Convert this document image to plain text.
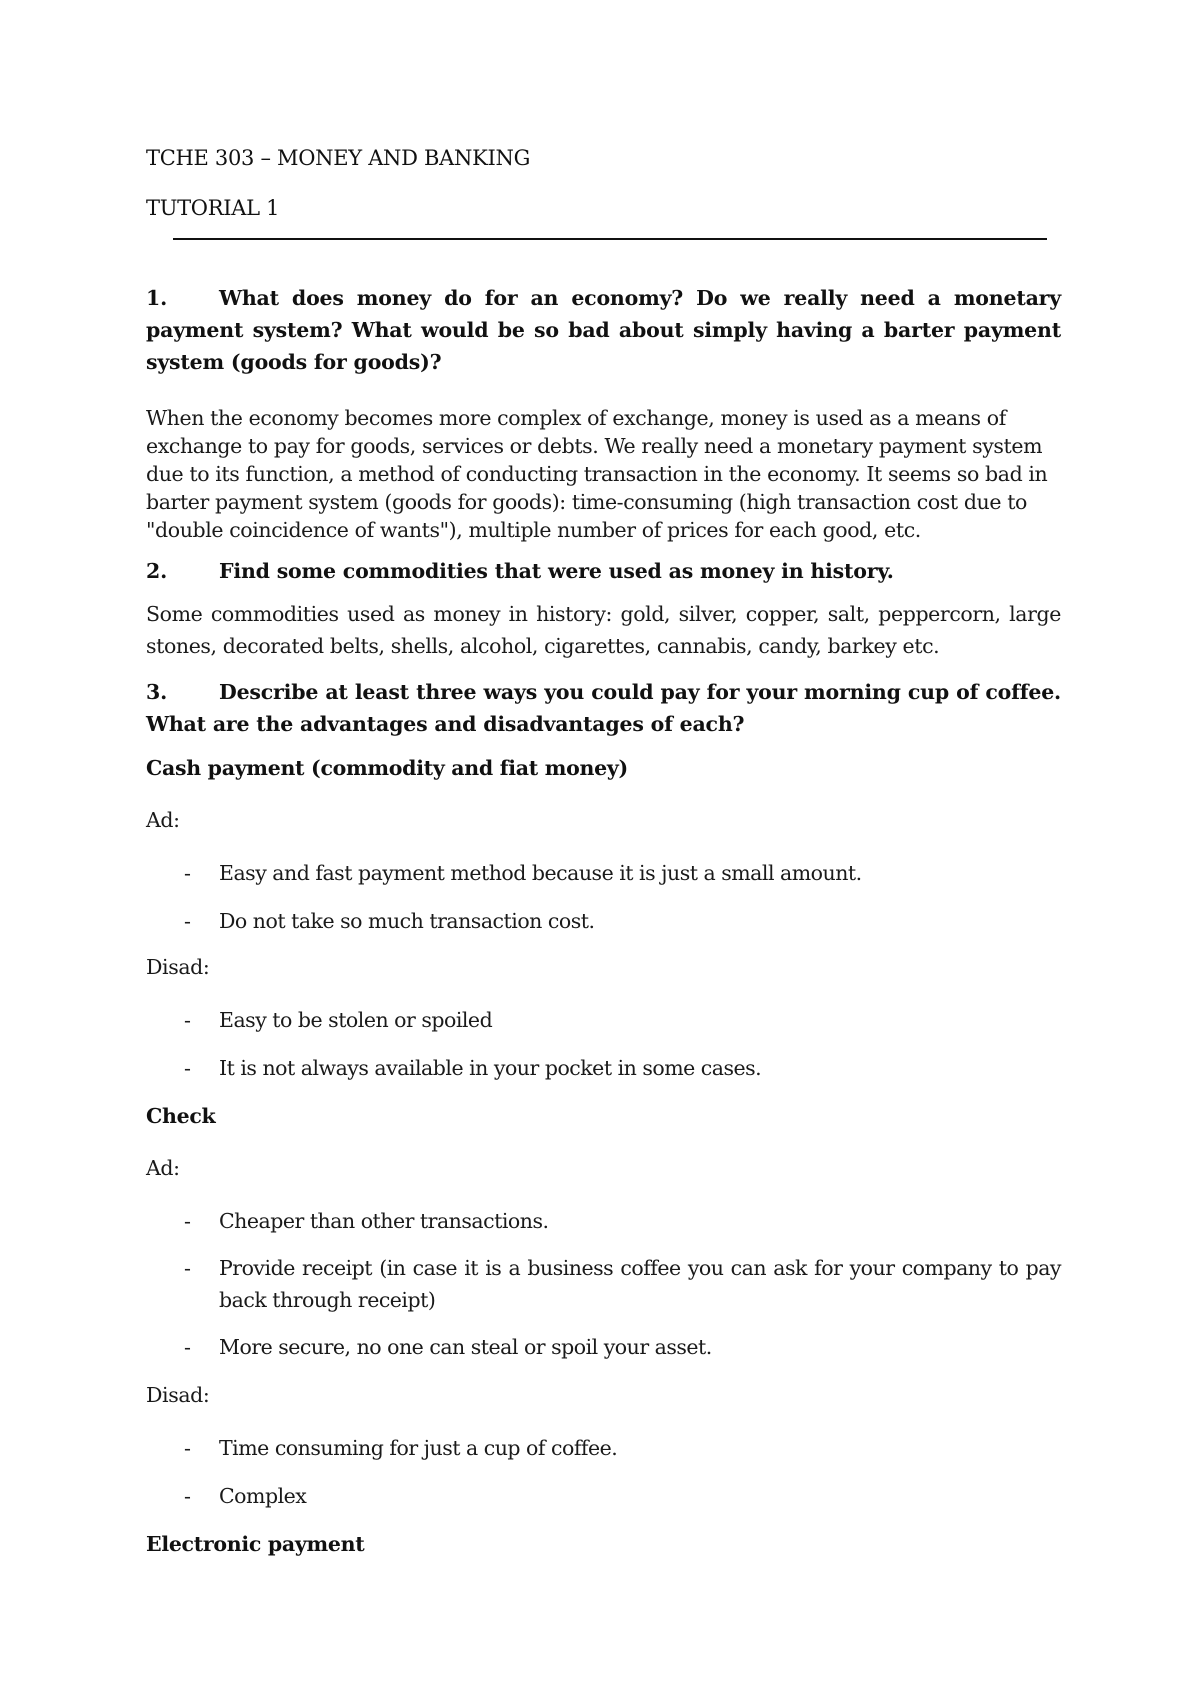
TCHE 303 – MONEY AND BANKING
TUTORIAL 1
1.	What does money do for an economy? Do we really need a monetary payment system? What would be so bad about simply having a barter payment system (goods for goods)?
When the economy becomes more complex of exchange, money is used as a means of exchange to pay for goods, services or debts. We really need a monetary payment system due to its function, a method of conducting transaction in the economy. It seems so bad in barter payment system (goods for goods): time-consuming (high transaction cost due to "double coincidence of wants"), multiple number of prices for each good, etc.
2.	Find some commodities that were used as money in history.
Some commodities used as money in history: gold, silver, copper, salt, peppercorn, large stones, decorated belts, shells, alcohol, cigarettes, cannabis, candy, barkey etc.
3.	Describe at least three ways you could pay for your morning cup of coffee. What are the advantages and disadvantages of each?
Cash payment (commodity and fiat money)
Ad:
- Easy and fast payment method because it is just a small amount.
- Do not take so much transaction cost.
Disad:
- Easy to be stolen or spoiled
- It is not always available in your pocket in some cases.
Check
Ad:
- Cheaper than other transactions.
- Provide receipt (in case it is a business coffee you can ask for your company to pay back through receipt)
- More secure, no one can steal or spoil your asset.
Disad:
- Time consuming for just a cup of coffee.
- Complex
Electronic payment
